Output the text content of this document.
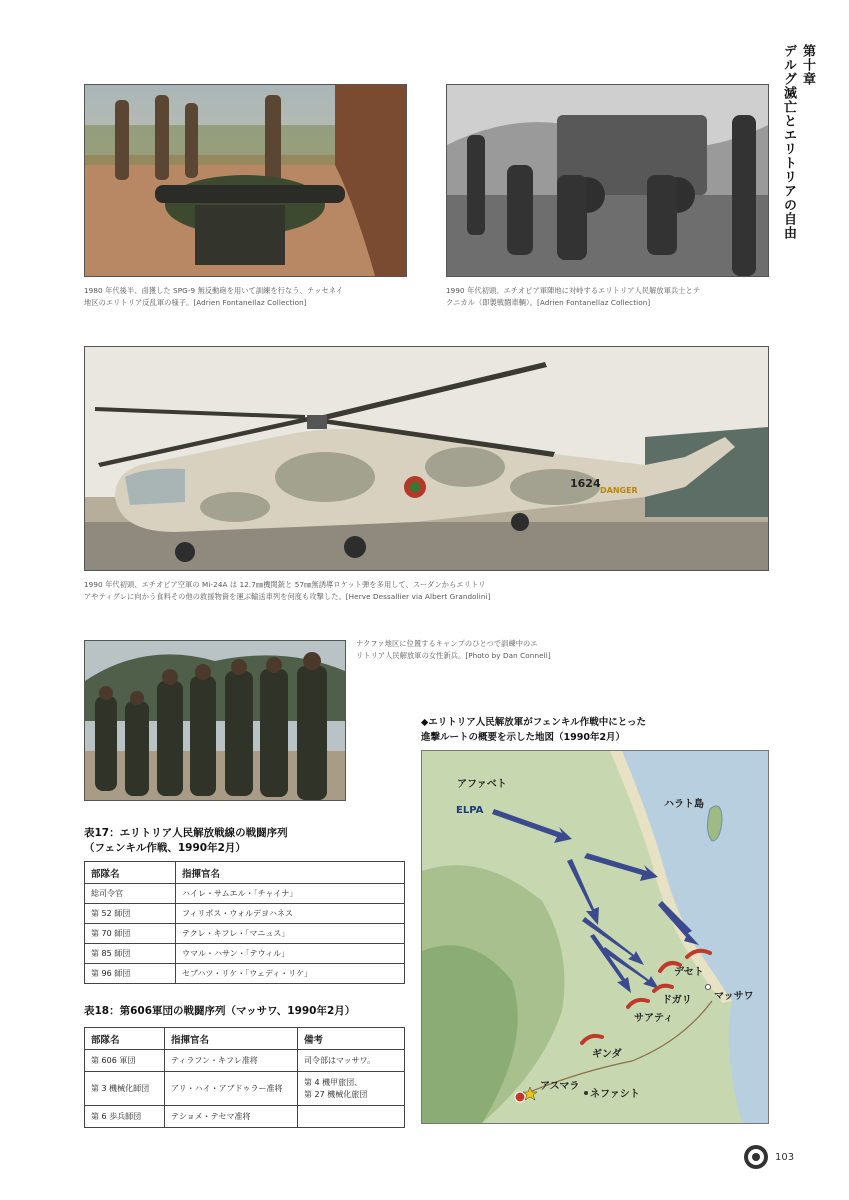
第十章
デルグ滅亡とエリトリアの自由
1980 年代後半、鹵獲した SPG-9 無反動砲を用いて訓練を行なう、テッセネイ
地区のエリトリア反乱軍の様子。[Adrien Fontanellaz Collection]
1990 年代初頭、エチオピア軍陣地に対峙するエリトリア人民解放軍兵士とテ
クニカル（即製戦闘車輌）。[Adrien Fontanellaz Collection]
1624
DANGER
1990 年代初頭、エチオピア空軍の Mi-24A は 12.7㎜機関銃と 57㎜無誘導ロケット弾を多用して、スーダンからエリトリ
アやティグレに向かう食料その他の救援物資を運ぶ輸送車列を何度も攻撃した。[Herve Dessallier via Albert Grandolini]
ナクファ地区に位置するキャンプのひとつで訓練中のエ
リトリア人民解放軍の女性新兵。[Photo by Dan Connell]
表17：エリトリア人民解放戦線の戦闘序列
（フェンキル作戦、1990年2月）
部隊名	指揮官名
総司令官	ハイレ・サムエル・「チャイナ」
第 52 師団	フィリポス・ウォルデヨハネス
第 70 師団	テクレ・キフレ・「マニュス」
第 85 師団	ウマル・ハサン・「テウィル」
第 96 師団	セブハツ・リケ・「ウェディ・リケ」
表18：第606軍団の戦闘序列（マッサワ、1990年2月）
部隊名	指揮官名	備考
第 606 軍団	ティラフン・キフレ准将	司令部はマッサワ。
第 3 機械化師団	アリ・ハイ・アブドゥラー准将	第 4 機甲旅団、
第 27 機械化旅団

第 6 歩兵師団	テショメ・テセマ准将	
◆エリトリア人民解放軍がフェンキル作戦中にとった
進撃ルートの概要を示した地図（1990年2月）
アファベト
ELPA
ハラト島
デセト
ドガリ マッサワ
サアティ
ギンダ
アスマラ
ネファシト
103
